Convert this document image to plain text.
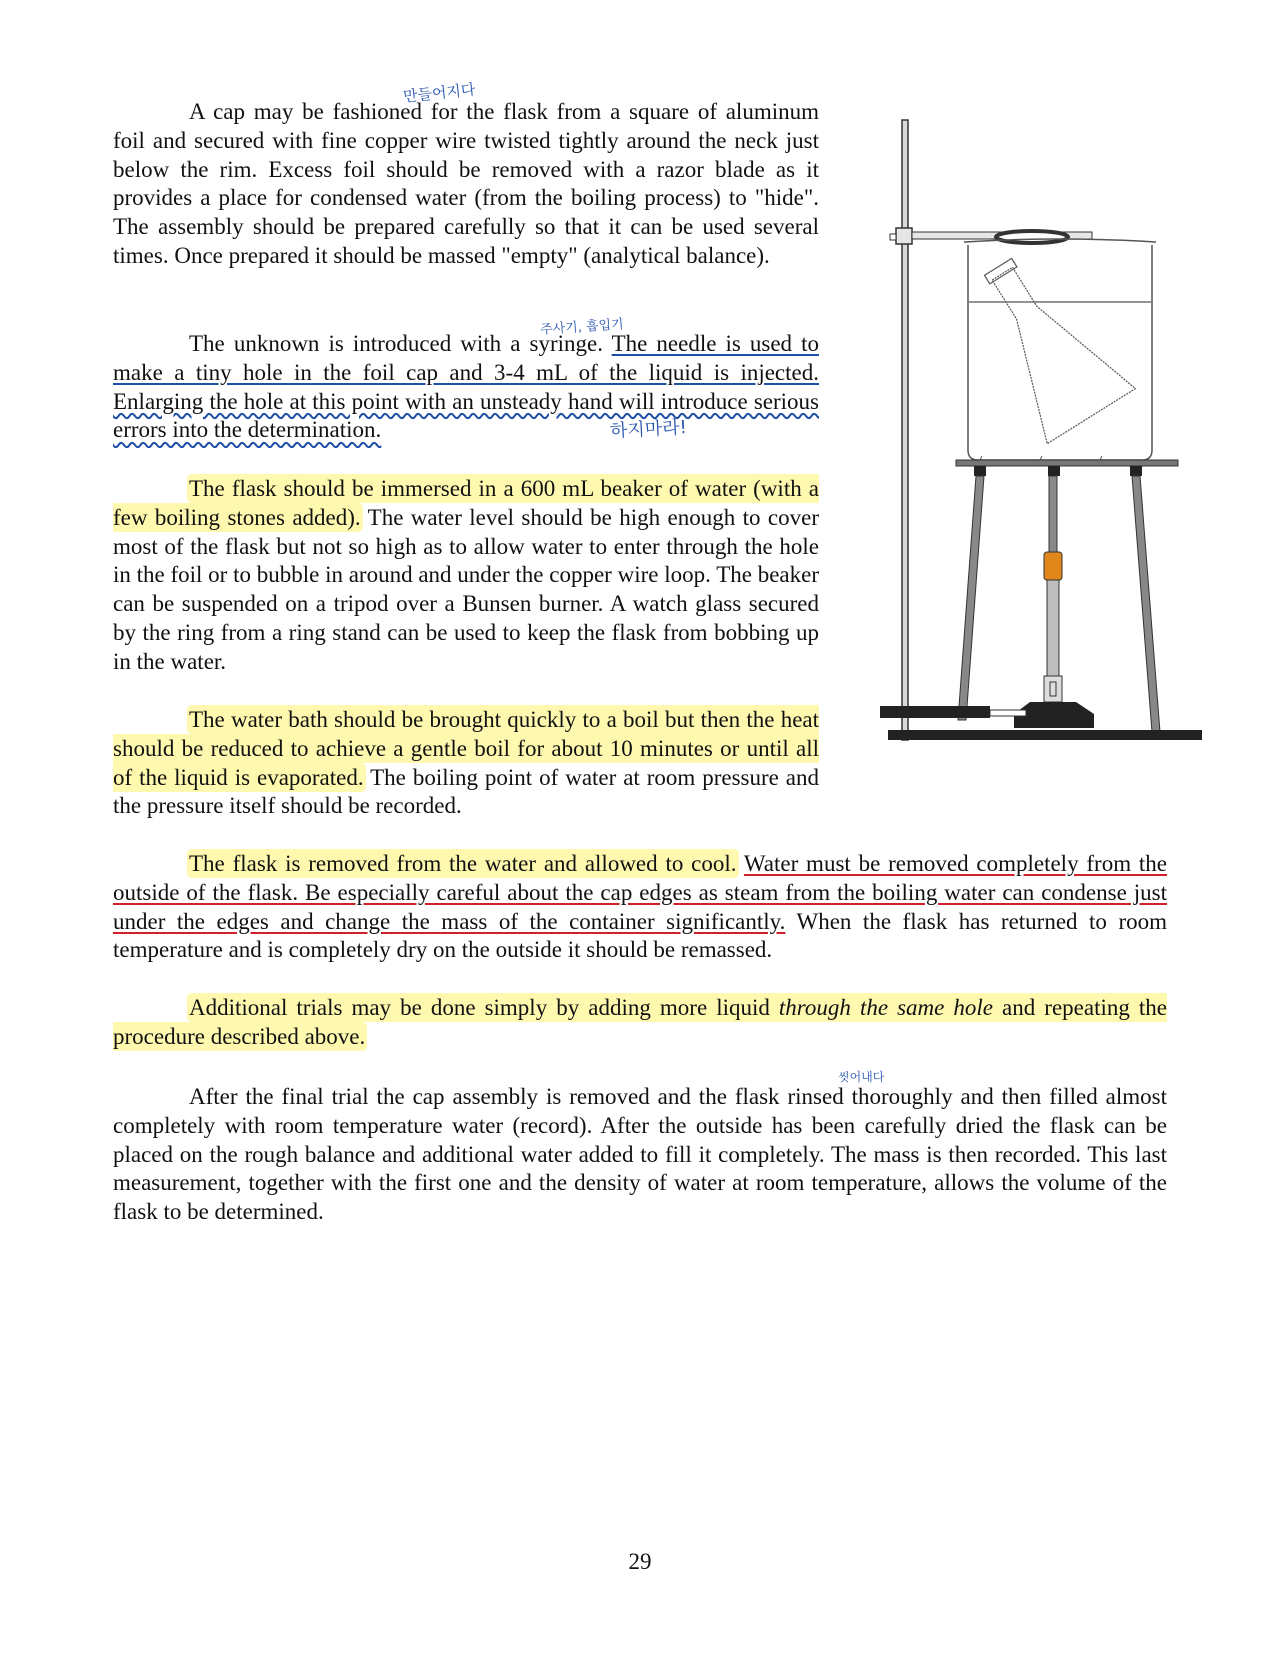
A cap may be fashioned for the flask from a square of aluminum foil and secured with fine copper wire twisted tightly around the neck just below the rim. Excess foil should be removed with a razor blade as it provides a place for condensed water (from the boiling process) to "hide". The assembly should be prepared carefully so that it can be used several times. Once prepared it should be massed "empty" (analytical balance).

만들어지다

The unknown is introduced with a syringe. The needle is used to make a tiny hole in the foil cap and 3-4 mL of the liquid is injected. Enlarging the hole at this point with an unsteady hand will introduce serious errors into the determination.

주사기, 흡입기
하지마라!

The flask should be immersed in a 600 mL beaker of water (with a few boiling stones added). The water level should be high enough to cover most of the flask but not so high as to allow water to enter through the hole in the foil or to bubble in around and under the copper wire loop. The beaker can be suspended on a tripod over a Bunsen burner. A watch glass secured by the ring from a ring stand can be used to keep the flask from bobbing up in the water.

The water bath should be brought quickly to a boil but then the heat should be reduced to achieve a gentle boil for about 10 minutes or until all of the liquid is evaporated. The boiling point of water at room pressure and the pressure itself should be recorded.

The flask is removed from the water and allowed to cool. Water must be removed completely from the outside of the flask. Be especially careful about the cap edges as steam from the boiling water can condense just under the edges and change the mass of the container significantly. When the flask has returned to room temperature and is completely dry on the outside it should be remassed.

Additional trials may be done simply by adding more liquid through the same hole and repeating the procedure described above.

After the final trial the cap assembly is removed and the flask rinsed thoroughly and then filled almost completely with room temperature water (record). After the outside has been carefully dried the flask can be placed on the rough balance and additional water added to fill it completely. The mass is then recorded. This last measurement, together with the first one and the density of water at room temperature, allows the volume of the flask to be determined.

씻어내다
29
